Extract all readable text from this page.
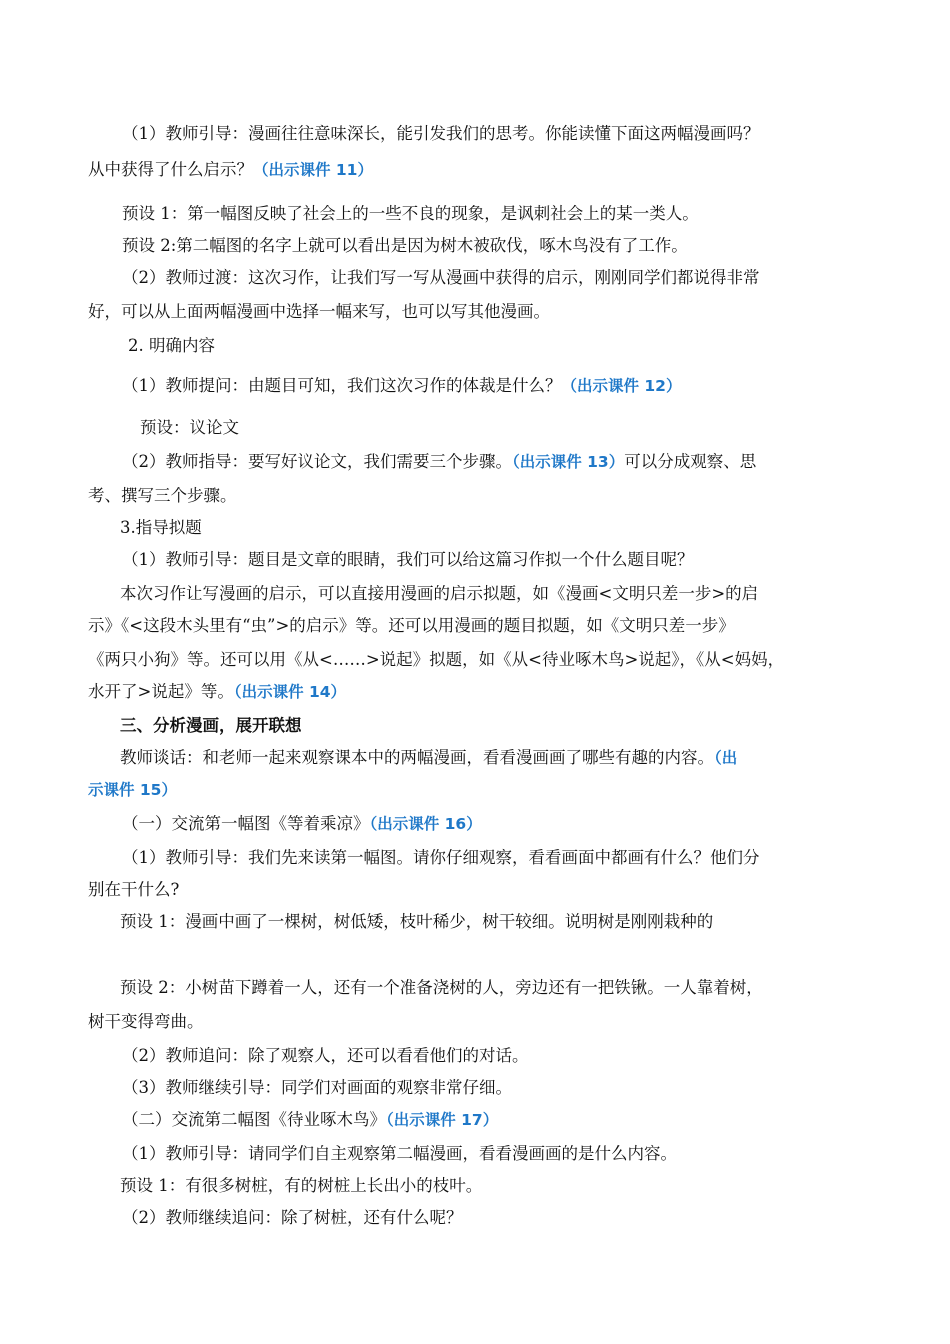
（1）教师引导：漫画往往意味深长，能引发我们的思考。你能读懂下面这两幅漫画吗？
从中获得了什么启示？（出示课件 11）
预设 1：第一幅图反映了社会上的一些不良的现象，是讽刺社会上的某一类人。
预设 2:第二幅图的名字上就可以看出是因为树木被砍伐，啄木鸟没有了工作。
（2）教师过渡：这次习作，让我们写一写从漫画中获得的启示，刚刚同学们都说得非常
好，可以从上面两幅漫画中选择一幅来写，也可以写其他漫画。
2. 明确内容
（1）教师提问：由题目可知，我们这次习作的体裁是什么？（出示课件 12）
预设：议论文
（2）教师指导：要写好议论文，我们需要三个步骤。（出示课件 13）可以分成观察、思
考、撰写三个步骤。
3.指导拟题
（1）教师引导：题目是文章的眼睛，我们可以给这篇习作拟一个什么题目呢？
本次习作让写漫画的启示，可以直接用漫画的启示拟题，如《漫画<文明只差一步>的启
示》《<这段木头里有“虫”>的启示》等。还可以用漫画的题目拟题，如《文明只差一步》
《两只小狗》等。还可以用《从<……>说起》拟题，如《从<待业啄木鸟>说起》，《从<妈妈，
水开了>说起》等。（出示课件 14）
三、分析漫画，展开联想
教师谈话：和老师一起来观察课本中的两幅漫画，看看漫画画了哪些有趣的内容。（出
示课件 15）
（一）交流第一幅图《等着乘凉》（出示课件 16）
（1）教师引导：我们先来读第一幅图。请你仔细观察，看看画面中都画有什么？他们分
别在干什么?
预设 1：漫画中画了一棵树，树低矮，枝叶稀少，树干较细。说明树是刚刚栽种的
预设 2：小树苗下蹲着一人，还有一个准备浇树的人，旁边还有一把铁锹。一人靠着树，
树干变得弯曲。
（2）教师追问：除了观察人，还可以看看他们的对话。
（3）教师继续引导：同学们对画面的观察非常仔细。
（二）交流第二幅图《待业啄木鸟》（出示课件 17）
（1）教师引导：请同学们自主观察第二幅漫画，看看漫画画的是什么内容。
预设 1：有很多树桩，有的树桩上长出小的枝叶。
（2）教师继续追问：除了树桩，还有什么呢？
